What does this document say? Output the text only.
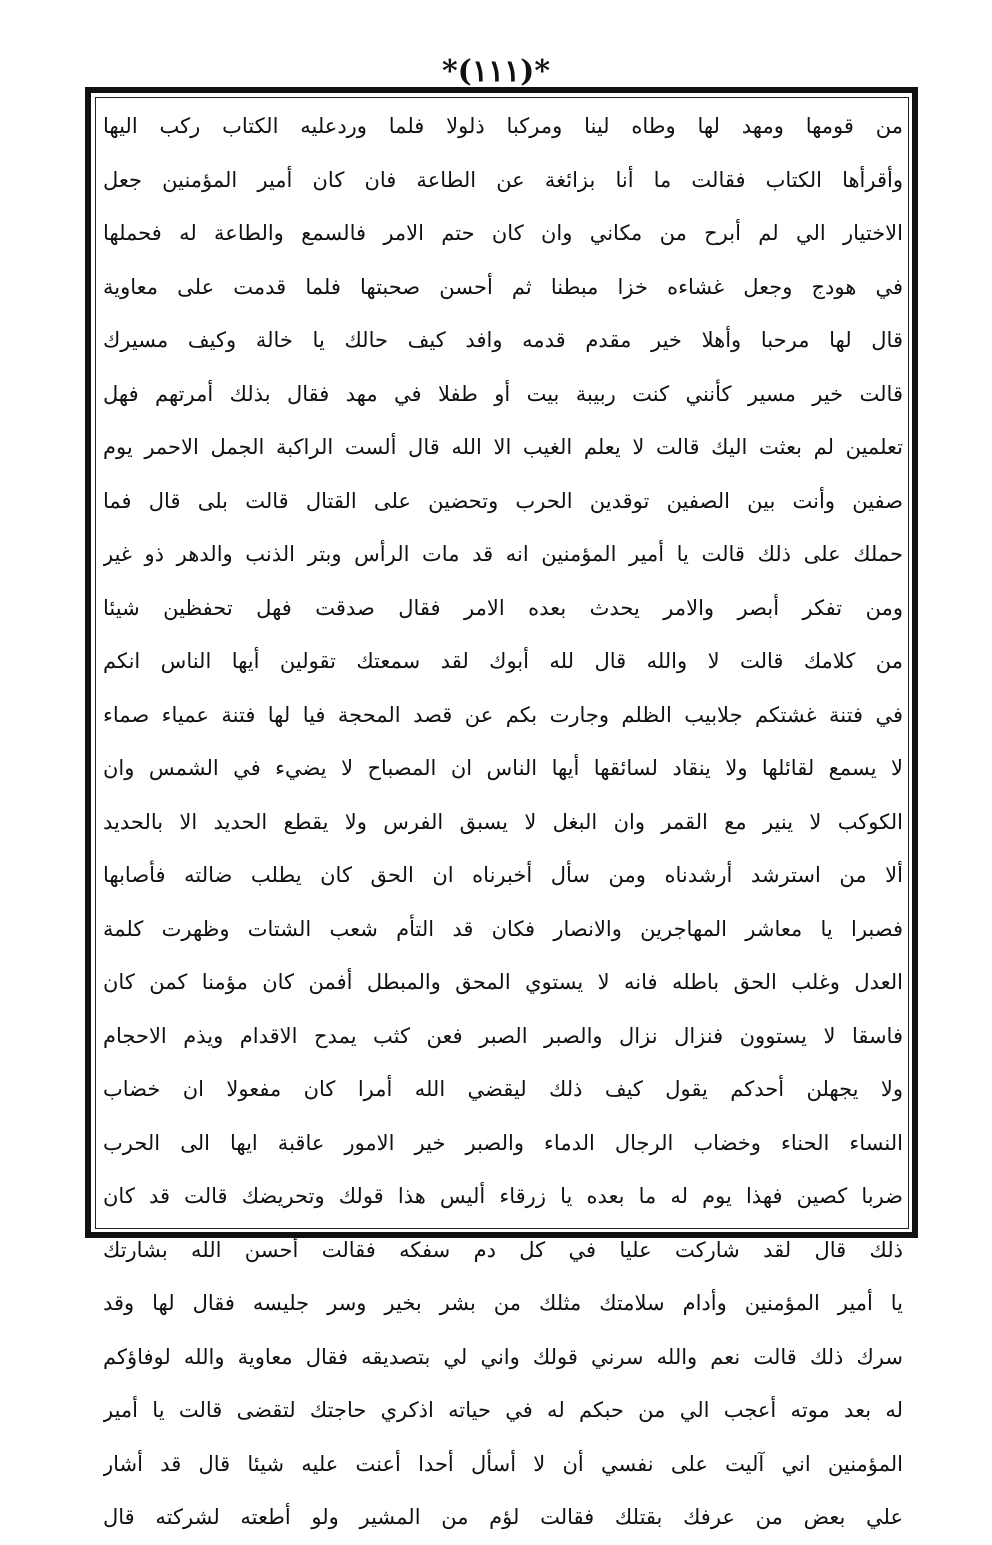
*(١١١)*
من قومها ومهد لها وطاه لينا ومركبا ذلولا فلما وردعليه الكتاب ركب اليها
وأقرأها الكتاب فقالت ما أنا بزائغة عن الطاعة فان كان أمير المؤمنين جعل
الاختيار الي لم أبرح من مكاني وان كان حتم الامر فالسمع والطاعة له فحملها
في هودج وجعل غشاءه خزا مبطنا ثم أحسن صحبتها فلما قدمت على معاوية
قال لها مرحبا وأهلا خير مقدم قدمه وافد كيف حالك يا خالة وكيف مسيرك
قالت خير مسير كأنني كنت ربيبة بيت أو طفلا في مهد فقال بذلك أمرتهم فهل
تعلمين لم بعثت اليك قالت لا يعلم الغيب الا الله قال ألست الراكبة الجمل الاحمر يوم
صفين وأنت بين الصفين توقدين الحرب وتحضين على القتال قالت بلى قال فما
حملك على ذلك قالت يا أمير المؤمنين انه قد مات الرأس وبتر الذنب والدهر ذو غير
ومن تفكر أبصر والامر يحدث بعده الامر فقال صدقت فهل تحفظين شيئا
من كلامك قالت لا والله قال لله أبوك لقد سمعتك تقولين أيها الناس انكم
في فتنة غشتكم جلابيب الظلم وجارت بكم عن قصد المحجة فيا لها فتنة عمياء صماء
لا يسمع لقائلها ولا ينقاد لسائقها أيها الناس ان المصباح لا يضيء في الشمس وان
الكوكب لا ينير مع القمر وان البغل لا يسبق الفرس ولا يقطع الحديد الا بالحديد
ألا من استرشد أرشدناه ومن سأل أخبرناه ان الحق كان يطلب ضالته فأصابها
فصبرا يا معاشر المهاجرين والانصار فكان قد التأم شعب الشتات وظهرت كلمة
العدل وغلب الحق باطله فانه لا يستوي المحق والمبطل أفمن كان مؤمنا كمن كان
فاسقا لا يستوون فنزال نزال والصبر الصبر فعن كثب يمدح الاقدام ويذم الاحجام
ولا يجهلن أحدكم يقول كيف ذلك ليقضي الله أمرا كان مفعولا ان خضاب
النساء الحناء وخضاب الرجال الدماء والصبر خير الامور عاقبة ايها الى الحرب
ضربا كصين فهذا يوم له ما بعده يا زرقاء أليس هذا قولك وتحريضك قالت قد كان
ذلك قال لقد شاركت عليا في كل دم سفكه فقالت أحسن الله بشارتك
يا أمير المؤمنين وأدام سلامتك مثلك من بشر بخير وسر جليسه فقال لها وقد
سرك ذلك قالت نعم والله سرني قولك واني لي بتصديقه فقال معاوية والله لوفاؤكم
له بعد موته أعجب الي من حبكم له في حياته اذكري حاجتك لتقضى قالت يا أمير
المؤمنين اني آليت على نفسي أن لا أسأل أحدا أعنت عليه شيئا قال قد أشار
علي بعض من عرفك بقتلك فقالت لؤم من المشير ولو أطعته لشركته قال
